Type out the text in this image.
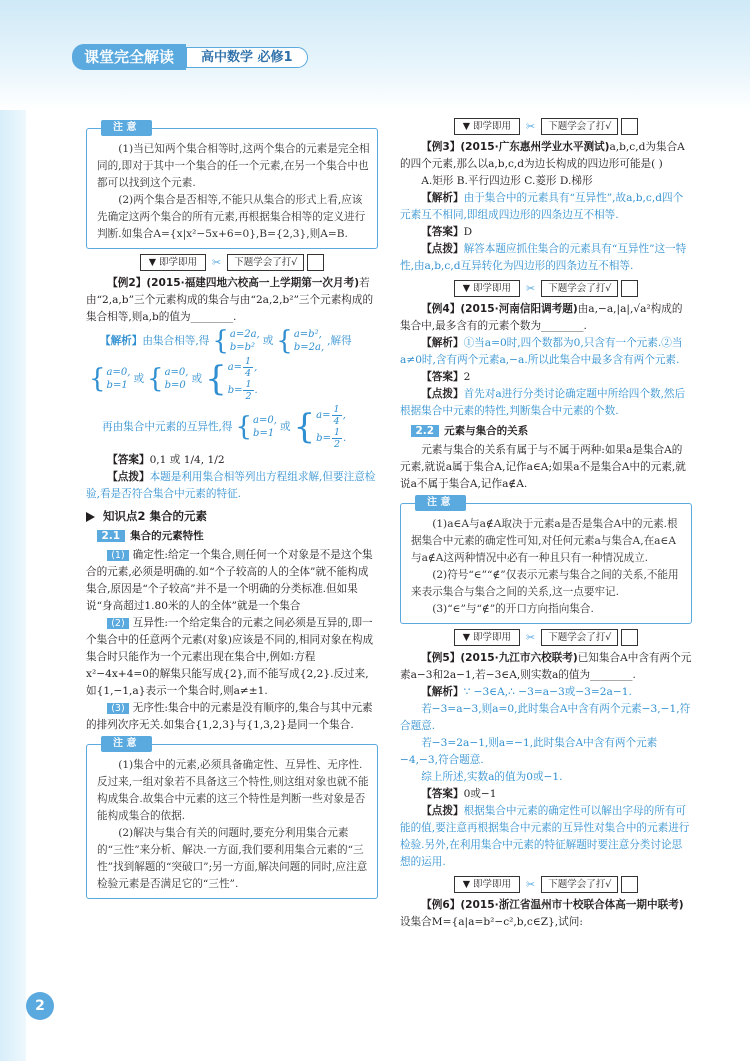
课堂完全解读	高中数学 必修1
2
注 意

(1)当已知两个集合相等时,这两个集合的元素是完全相同的,即对于其中一个集合的任一个元素,在另一个集合中也都可以找到这个元素.

(2)两个集合是否相等,不能只从集合的形式上看,应该先确定这两个集合的所有元素,再根据集合相等的定义进行判断.如集合A={x|x²−5x+6=0},B={2,3},则A=B.

▼ 即学即用	✂	下题学会了打√

【例2】(2015·福建四地六校高一上学期第一次月考)若由“2,a,b”三个元素构成的集合与由“2a,2,b²”三个元素构成的集合相等,则a,b的值为________.

【解析】 由集合相等,得 { a=2a,
b=b²
或 { a=b²,
b=2a,
,解得
{ a=0,
b=1
或 { a=0,
b=0
或 { $a= \frac{1}{4}$ ,
$b= \frac{1}{2}$ .
再由集合中元素的互异性,得 { a=0,
b=1
或 { $a= \frac{1}{4}$ ,
$b= \frac{1}{2}$ .

【答案】0,1 或 1/4, 1/2

【点拨】本题是利用集合相等列出方程组求解,但要注意检验,看是否符合集合中元素的特征.

知识点2 集合的元素
2.1 集合的元素特性

(1) 确定性:给定一个集合,则任何一个对象是不是这个集合的元素,必须是明确的.如“个子较高的人的全体”就不能构成集合,原因是“个子较高”并不是一个明确的分类标准.但如果说“身高超过1.80米的人的全体”就是一个集合

(2) 互异性:一个给定集合的元素之间必须是互异的,即一个集合中的任意两个元素(对象)应该是不同的,相同对象在构成集合时只能作为一个元素出现在集合中,例如:方程x²−4x+4=0的解集只能写成{2},而不能写成{2,2}.反过来,如{1,−1,a}表示一个集合时,则a≠±1.

(3) 无序性:集合中的元素是没有顺序的,集合与其中元素的排列次序无关.如集合{1,2,3}与{1,3,2}是同一个集合.

注 意

(1)集合中的元素,必须具备确定性、互异性、无序性.反过来,一组对象若不具备这三个特性,则这组对象也就不能构成集合.故集合中元素的这三个特性是判断一些对象是否能构成集合的依据.

(2)解决与集合有关的问题时,要充分利用集合元素的“三性”来分析、解决.一方面,我们要利用集合元素的“三性”找到解题的“突破口”;另一方面,解决问题的同时,应注意检验元素是否满足它的“三性”.

▼ 即学即用	✂	下题学会了打√

【例3】(2015·广东惠州学业水平测试)a,b,c,d为集合A的四个元素,那么以a,b,c,d为边长构成的四边形可能是( )

A.矩形 B.平行四边形 C.菱形 D.梯形

【解析】由于集合中的元素具有“互异性”,故a,b,c,d四个元素互不相同,即组成四边形的四条边互不相等.

【答案】D

【点拨】解答本题应抓住集合的元素具有“互异性”这一特性,由a,b,c,d互异转化为四边形的四条边互不相等.

▼ 即学即用	✂	下题学会了打√

【例4】(2015·河南信阳调考题)由a,−a,|a|,√a²构成的集合中,最多含有的元素个数为________.

【解析】①当a=0时,四个数都为0,只含有一个元素.②当a≠0时,含有两个元素a,−a.所以此集合中最多含有两个元素.

【答案】2

【点拨】首先对a进行分类讨论确定题中所给四个数,然后根据集合中元素的特性,判断集合中元素的个数.

2.2 元素与集合的关系

元素与集合的关系有属于与不属于两种:如果a是集合A的元素,就说a属于集合A,记作a∈A;如果a不是集合A中的元素,就说a不属于集合A,记作a∉A.

注 意

(1)a∈A与a∉A取决于元素a是否是集合A中的元素.根据集合中元素的确定性可知,对任何元素a与集合A,在a∈A与a∉A这两种情况中必有一种且只有一种情况成立.

(2)符号“∈”“∉”仅表示元素与集合之间的关系,不能用来表示集合与集合之间的关系,这一点要牢记.

(3)“∈”与“∉”的开口方向指向集合.

▼ 即学即用	✂	下题学会了打√

【例5】(2015·九江市六校联考)已知集合A中含有两个元素a−3和2a−1,若−3∈A,则实数a的值为________.

【解析】∵ −3∈A,∴ −3=a−3或−3=2a−1.

若−3=a−3,则a=0,此时集合A中含有两个元素−3,−1,符合题意.

若−3=2a−1,则a=−1,此时集合A中含有两个元素−4,−3,符合题意.

综上所述,实数a的值为0或−1.

【答案】0或−1

【点拨】根据集合中元素的确定性可以解出字母的所有可能的值,要注意再根据集合中元素的互异性对集合中的元素进行检验.另外,在利用集合中元素的特征解题时要注意分类讨论思想的运用.

▼ 即学即用	✂	下题学会了打√

【例6】(2015·浙江省温州市十校联合体高一期中联考)设集合M={a|a=b²−c²,b,c∈Z},试问:
